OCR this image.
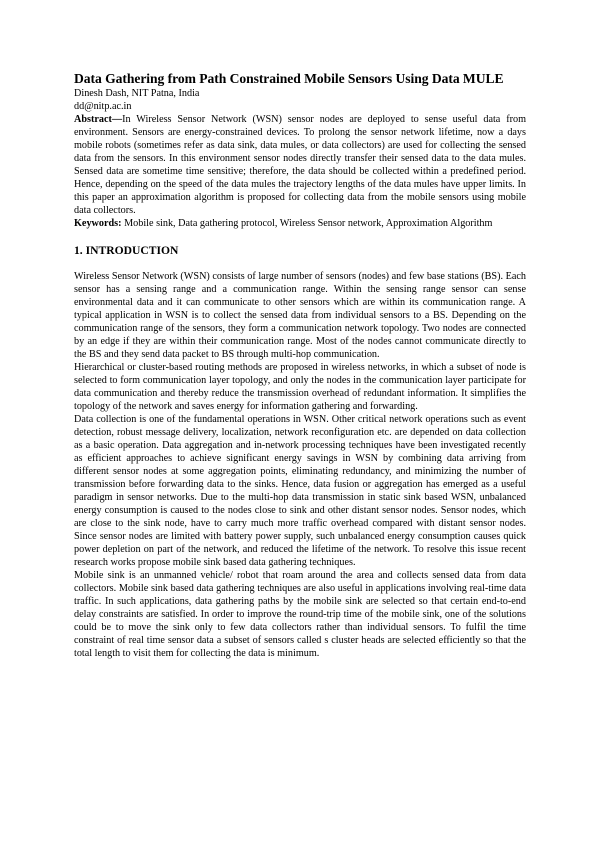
Data Gathering from Path Constrained Mobile Sensors Using Data MULE

Dinesh Dash, NIT Patna, India

dd@nitp.ac.in

Abstract—In Wireless Sensor Network (WSN) sensor nodes are deployed to sense useful data from environment. Sensors are energy-constrained devices. To prolong the sensor network lifetime, now a days mobile robots (sometimes refer as data sink, data mules, or data collectors) are used for collecting the sensed data from the sensors. In this environment sensor nodes directly transfer their sensed data to the data mules. Sensed data are sometime time sensitive; therefore, the data should be collected within a predefined period. Hence, depending on the speed of the data mules the trajectory lengths of the data mules have upper limits. In this paper an approximation algorithm is proposed for collecting data from the mobile sensors using mobile data collectors.

Keywords: Mobile sink, Data gathering protocol, Wireless Sensor network, Approximation Algorithm

1. INTRODUCTION

Wireless Sensor Network (WSN) consists of large number of sensors (nodes) and few base stations (BS). Each sensor has a sensing range and a communication range. Within the sensing range sensor can sense environmental data and it can communicate to other sensors which are within its communication range. A typical application in WSN is to collect the sensed data from individual sensors to a BS. Depending on the communication range of the sensors, they form a communication network topology. Two nodes are connected by an edge if they are within their communication range. Most of the nodes cannot communicate directly to the BS and they send data packet to BS through multi-hop communication.

Hierarchical or cluster-based routing methods are proposed in wireless networks, in which a subset of node is selected to form communication layer topology, and only the nodes in the communication layer participate for data communication and thereby reduce the transmission overhead of redundant information. It simplifies the topology of the network and saves energy for information gathering and forwarding.

Data collection is one of the fundamental operations in WSN. Other critical network operations such as event detection, robust message delivery, localization, network reconfiguration etc. are depended on data collection as a basic operation. Data aggregation and in-network processing techniques have been investigated recently as efficient approaches to achieve significant energy savings in WSN by combining data arriving from different sensor nodes at some aggregation points, eliminating redundancy, and minimizing the number of transmission before forwarding data to the sinks. Hence, data fusion or aggregation has emerged as a useful paradigm in sensor networks. Due to the multi-hop data transmission in static sink based WSN, unbalanced energy consumption is caused to the nodes close to sink and other distant sensor nodes. Sensor nodes, which are close to the sink node, have to carry much more traffic overhead compared with distant sensor nodes. Since sensor nodes are limited with battery power supply, such unbalanced energy consumption causes quick power depletion on part of the network, and reduced the lifetime of the network. To resolve this issue recent research works propose mobile sink based data gathering techniques.

Mobile sink is an unmanned vehicle/ robot that roam around the area and collects sensed data from data collectors. Mobile sink based data gathering techniques are also useful in applications involving real-time data traffic. In such applications, data gathering paths by the mobile sink are selected so that certain end-to-end delay constraints are satisfied. In order to improve the round-trip time of the mobile sink, one of the solutions could be to move the sink only to few data collectors rather than individual sensors. To fulfil the time constraint of real time sensor data a subset of sensors called s cluster heads are selected efficiently so that the total length to visit them for collecting the data is minimum.
